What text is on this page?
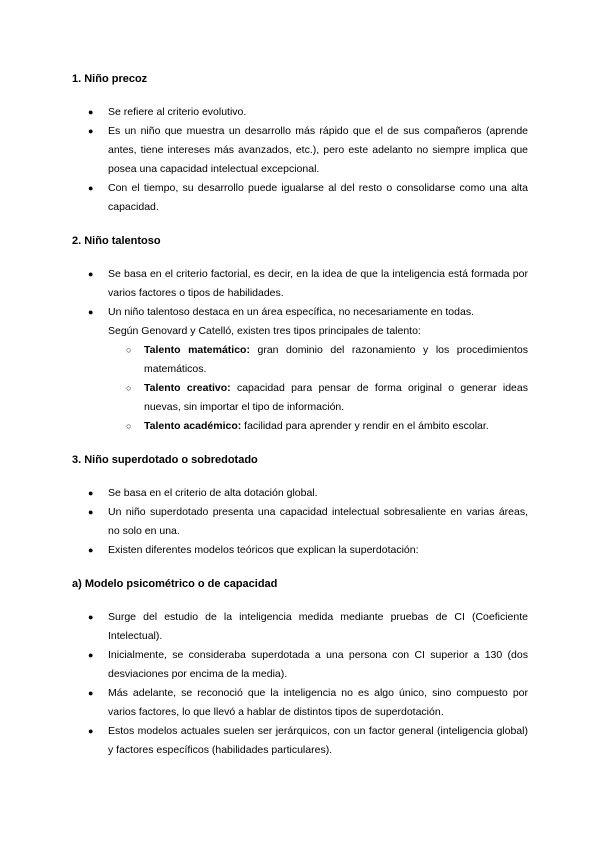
1. Niño precoz
● Se refiere al criterio evolutivo.
● Es un niño que muestra un desarrollo más rápido que el de sus compañeros (aprende antes, tiene intereses más avanzados, etc.), pero este adelanto no siempre implica que posea una capacidad intelectual excepcional.
● Con el tiempo, su desarrollo puede igualarse al del resto o consolidarse como una alta capacidad.
2. Niño talentoso
● Se basa en el criterio factorial, es decir, en la idea de que la inteligencia está formada por varios factores o tipos de habilidades.
● Un niño talentoso destaca en un área específica, no necesariamente en todas.
Según Genovard y Catelló, existen tres tipos principales de talento:
○ Talento matemático: gran dominio del razonamiento y los procedimientos matemáticos.
○ Talento creativo: capacidad para pensar de forma original o generar ideas nuevas, sin importar el tipo de información.
○ Talento académico: facilidad para aprender y rendir en el ámbito escolar.
3. Niño superdotado o sobredotado
● Se basa en el criterio de alta dotación global.
● Un niño superdotado presenta una capacidad intelectual sobresaliente en varias áreas, no solo en una.
● Existen diferentes modelos teóricos que explican la superdotación:
a) Modelo psicométrico o de capacidad
● Surge del estudio de la inteligencia medida mediante pruebas de CI (Coeficiente Intelectual).
● Inicialmente, se consideraba superdotada a una persona con CI superior a 130 (dos desviaciones por encima de la media).
● Más adelante, se reconoció que la inteligencia no es algo único, sino compuesto por varios factores, lo que llevó a hablar de distintos tipos de superdotación.
● Estos modelos actuales suelen ser jerárquicos, con un factor general (inteligencia global) y factores específicos (habilidades particulares).
